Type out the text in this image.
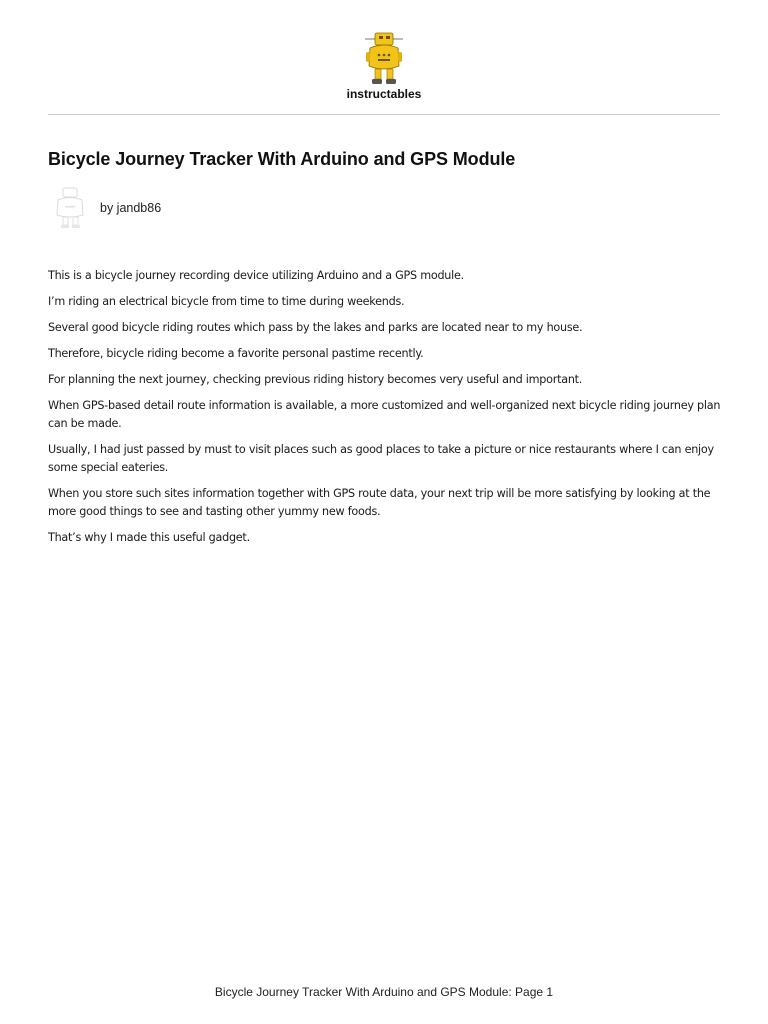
instructables
Bicycle Journey Tracker With Arduino and GPS Module
by jandb86

This is a bicycle journey recording device utilizing Arduino and a GPS module.

I’m riding an electrical bicycle from time to time during weekends.

Several good bicycle riding routes which pass by the lakes and parks are located near to my house.

Therefore, bicycle riding become a favorite personal pastime recently.

For planning the next journey, checking previous riding history becomes very useful and important.

When GPS-based detail route information is available, a more customized and well-organized next bicycle riding journey plan can be made.

Usually, I had just passed by must to visit places such as good places to take a picture or nice restaurants where I can enjoy some special eateries.

When you store such sites information together with GPS route data, your next trip will be more satisfying by looking at the more good things to see and tasting other yummy new foods.

That’s why I made this useful gadget.

Bicycle Journey Tracker With Arduino and GPS Module: Page 1
